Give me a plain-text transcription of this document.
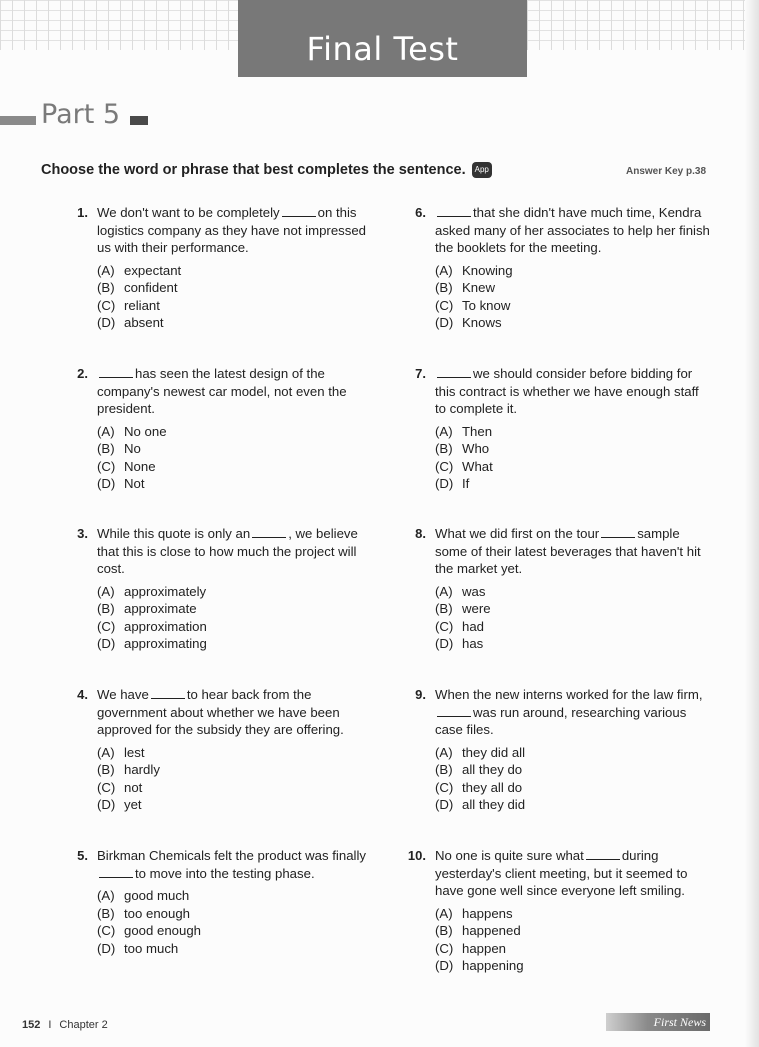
Final Test
Part 5
Choose the word or phrase that best completes the sentence.	App	Answer Key p.38
1. We don't want to be completely	on this logistics company as they have not impressed us with their performance.
(A) expectant
(B) confident
(C) reliant
(D) absent
2.	has seen the latest design of the company's newest car model, not even the president.
(A) No one
(B) No
(C) None
(D) Not
3. While this quote is only an	, we believe that this is close to how much the project will cost.
(A) approximately
(B) approximate
(C) approximation
(D) approximating
4. We have	to hear back from the government about whether we have been approved for the subsidy they are offering.
(A) lest
(B) hardly
(C) not
(D) yet
5. Birkman Chemicals felt the product was finallyto move into the testing phase.
(A) good much
(B) too enough
(C) good enough
(D) too much
6.	that she didn't have much time, Kendra asked many of her associates to help her finish the booklets for the meeting.
(A) Knowing
(B) Knew
(C) To know
(D) Knows
7.	we should consider before bidding for this contract is whether we have enough staff to complete it.
(A) Then
(B) Who
(C) What
(D) If
8. What we did first on the tour	sample some of their latest beverages that haven't hit the market yet.
(A) was
(B) were
(C) had
(D) has
9. When the new interns worked for the law firm,was run around, researching various case files.
(A) they did all
(B) all they do
(C) they all do
(D) all they did
10. No one is quite sure what	during yesterday's client meeting, but it seemed to have gone well since everyone left smiling.
(A) happens
(B) happened
(C) happen
(D) happening
152 I Chapter 2	First News
